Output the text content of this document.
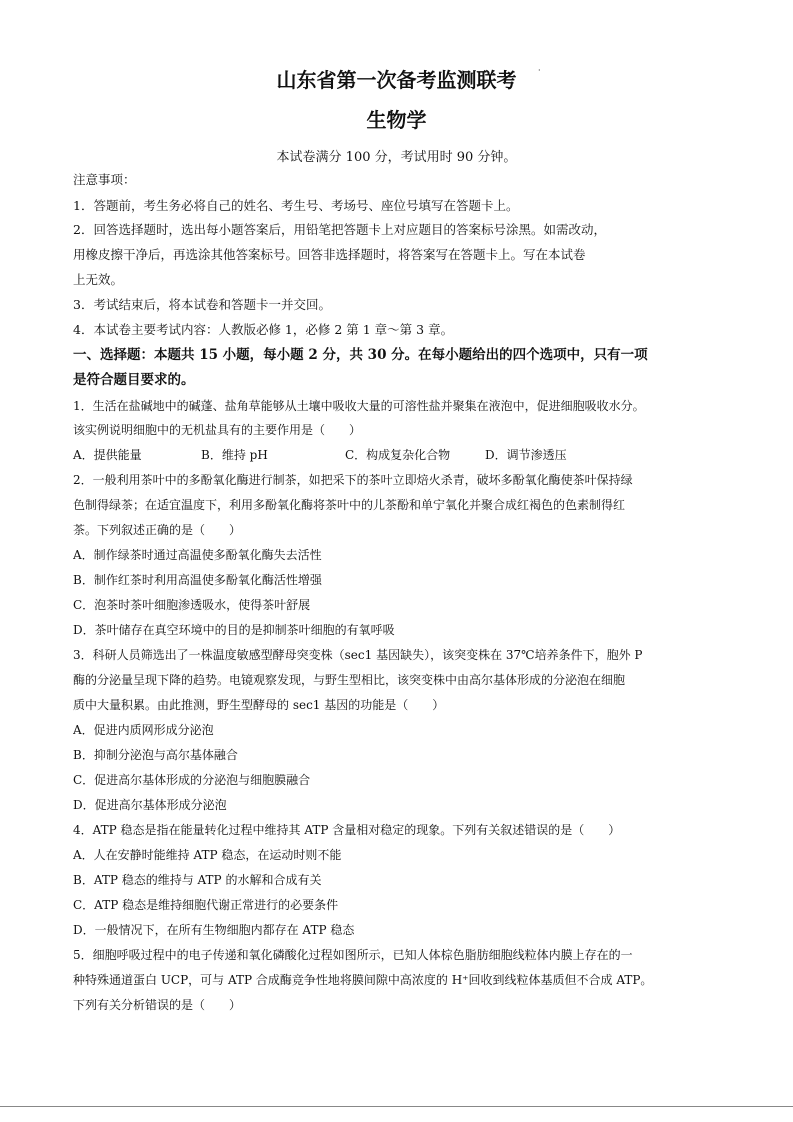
山东省第一次备考监测联考	·
生物学
本试卷满分 100 分，考试用时 90 分钟。
注意事项：
1．答题前，考生务必将自己的姓名、考生号、考场号、座位号填写在答题卡上。
2．回答选择题时，选出每小题答案后，用铅笔把答题卡上对应题目的答案标号涂黑。如需改动，
用橡皮擦干净后，再选涂其他答案标号。回答非选择题时，将答案写在答题卡上。写在本试卷
上无效。
3．考试结束后，将本试卷和答题卡一并交回。
4．本试卷主要考试内容：人教版必修 1，必修 2 第 1 章～第 3 章。
一、选择题：本题共 15 小题，每小题 2 分，共 30 分。在每小题给出的四个选项中，只有一项
是符合题目要求的。
1．生活在盐碱地中的碱蓬、盐角草能够从土壤中吸收大量的可溶性盐并聚集在液泡中，促进细胞吸收水分。
该实例说明细胞中的无机盐具有的主要作用是（　　）
A．提供能量	B．维持 pH	C．构成复杂化合物	D．调节渗透压
2．一般利用茶叶中的多酚氧化酶进行制茶，如把采下的茶叶立即焙火杀青，破坏多酚氧化酶使茶叶保持绿
色制得绿茶；在适宜温度下，利用多酚氧化酶将茶叶中的儿茶酚和单宁氧化并聚合成红褐色的色素制得红
茶。下列叙述正确的是（　　）
A．制作绿茶时通过高温使多酚氧化酶失去活性
B．制作红茶时利用高温使多酚氧化酶活性增强
C．泡茶时茶叶细胞渗透吸水，使得茶叶舒展
D．茶叶储存在真空环境中的目的是抑制茶叶细胞的有氧呼吸
3．科研人员筛选出了一株温度敏感型酵母突变株（sec1 基因缺失），该突变株在 37℃培养条件下，胞外 P
酶的分泌量呈现下降的趋势。电镜观察发现，与野生型相比，该突变株中由高尔基体形成的分泌泡在细胞
质中大量积累。由此推测，野生型酵母的 sec1 基因的功能是（　　）
A．促进内质网形成分泌泡
B．抑制分泌泡与高尔基体融合
C．促进高尔基体形成的分泌泡与细胞膜融合
D．促进高尔基体形成分泌泡
4．ATP 稳态是指在能量转化过程中维持其 ATP 含量相对稳定的现象。下列有关叙述错误的是（　　）
A．人在安静时能维持 ATP 稳态，在运动时则不能
B．ATP 稳态的维持与 ATP 的水解和合成有关
C．ATP 稳态是维持细胞代谢正常进行的必要条件
D．一般情况下，在所有生物细胞内都存在 ATP 稳态
5．细胞呼吸过程中的电子传递和氧化磷酸化过程如图所示，已知人体棕色脂肪细胞线粒体内膜上存在的一
种特殊通道蛋白 UCP，可与 ATP 合成酶竞争性地将膜间隙中高浓度的 H⁺回收到线粒体基质但不合成 ATP。
下列有关分析错误的是（　　）
